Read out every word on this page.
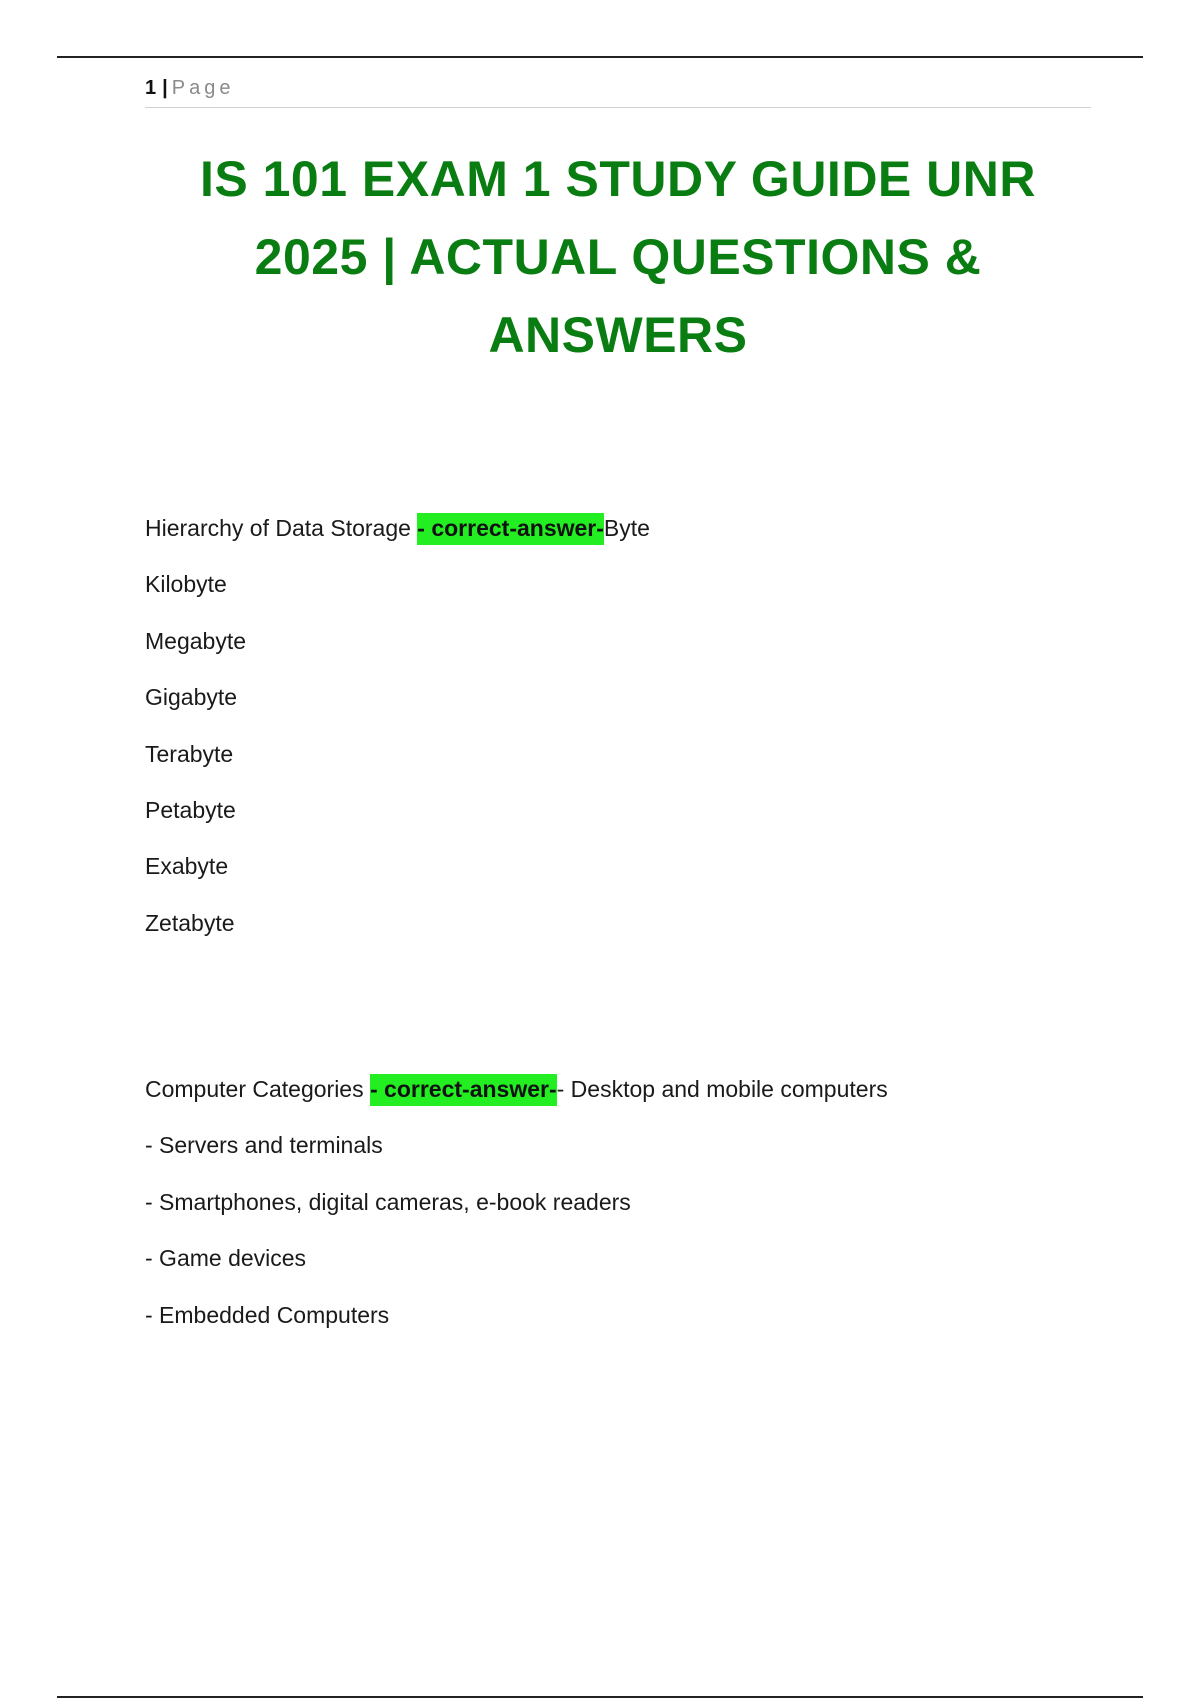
1 | Page
IS 101 EXAM 1 STUDY GUIDE UNR
2025 | ACTUAL QUESTIONS &
ANSWERS
Hierarchy of Data Storage - correct-answer-Byte
Kilobyte
Megabyte
Gigabyte
Terabyte
Petabyte
Exabyte
Zetabyte
Computer Categories - correct-answer-- Desktop and mobile computers
- Servers and terminals
- Smartphones, digital cameras, e-book readers
- Game devices
- Embedded Computers
